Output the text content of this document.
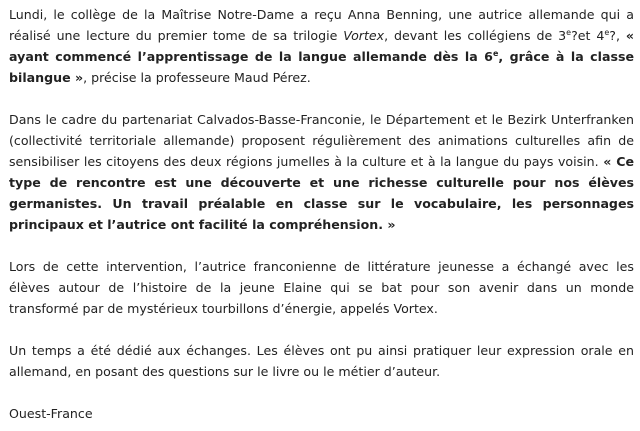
Lundi, le collège de la Maîtrise Notre-Dame a reçu Anna Benning, une autrice allemande qui a réalisé une lecture du premier tome de sa trilogie Vortex, devant les collégiens de 3e?et 4e?, « ayant commencé l’apprentissage de la langue allemande dès la 6e, grâce à la classe bilangue », précise la professeure Maud Pérez.

Dans le cadre du partenariat Calvados-Basse-Franconie, le Département et le Bezirk Unterfranken (collectivité territoriale allemande) proposent régulièrement des animations culturelles afin de sensibiliser les citoyens des deux régions jumelles à la culture et à la langue du pays voisin. « Ce type de rencontre est une découverte et une richesse culturelle pour nos élèves germanistes. Un travail préalable en classe sur le vocabulaire, les personnages principaux et l’autrice ont facilité la compréhension. »

Lors de cette intervention, l’autrice franconienne de littérature jeunesse a échangé avec les élèves autour de l’histoire de la jeune Elaine qui se bat pour son avenir dans un monde transformé par de mystérieux tourbillons d’énergie, appelés Vortex.

Un temps a été dédié aux échanges. Les élèves ont pu ainsi pratiquer leur expression orale en allemand, en posant des questions sur le livre ou le métier d’auteur.

Ouest-France
